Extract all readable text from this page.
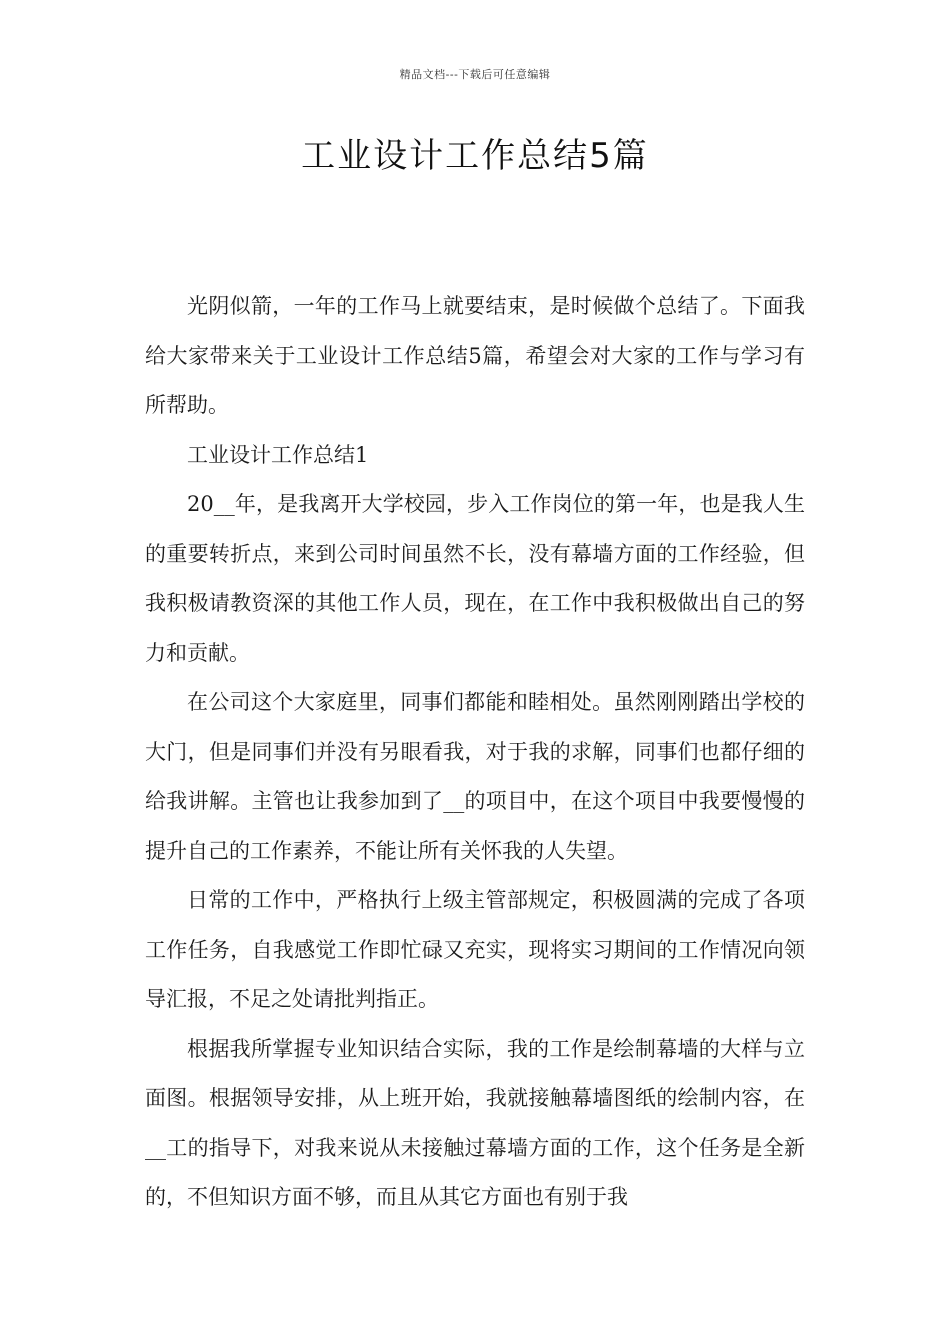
精品文档---下载后可任意编辑
工业设计工作总结5篇

光阴似箭，一年的工作马上就要结束，是时候做个总结了。下面我给大家带来关于工业设计工作总结5篇，希望会对大家的工作与学习有所帮助。

工业设计工作总结1

20__年，是我离开大学校园，步入工作岗位的第一年，也是我人生的重要转折点，来到公司时间虽然不长，没有幕墙方面的工作经验，但我积极请教资深的其他工作人员，现在，在工作中我积极做出自己的努力和贡献。

在公司这个大家庭里，同事们都能和睦相处。虽然刚刚踏出学校的大门，但是同事们并没有另眼看我，对于我的求解，同事们也都仔细的给我讲解。主管也让我参加到了__的项目中，在这个项目中我要慢慢的提升自己的工作素养，不能让所有关怀我的人失望。

日常的工作中，严格执行上级主管部规定，积极圆满的完成了各项工作任务，自我感觉工作即忙碌又充实，现将实习期间的工作情况向领导汇报，不足之处请批判指正。

根据我所掌握专业知识结合实际，我的工作是绘制幕墙的大样与立面图。根据领导安排，从上班开始，我就接触幕墙图纸的绘制内容，在__工的指导下，对我来说从未接触过幕墙方面的工作，这个任务是全新的，不但知识方面不够，而且从其它方面也有别于我
